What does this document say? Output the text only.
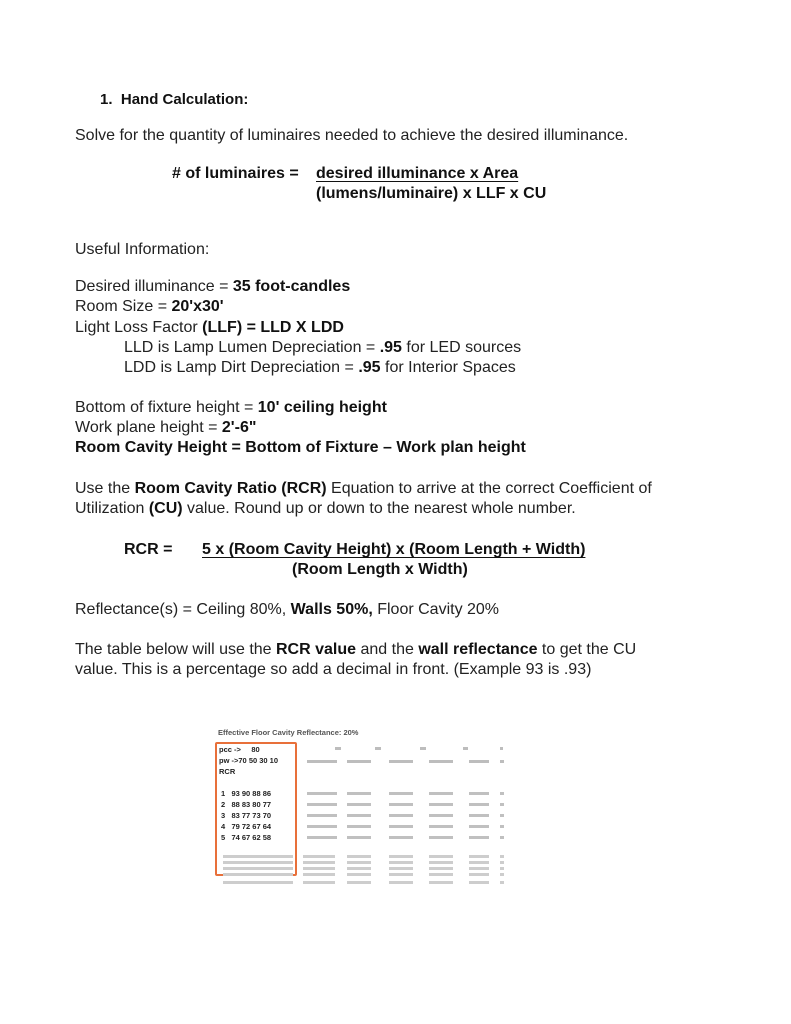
1. Hand Calculation:
Solve for the quantity of luminaires needed to achieve the desired illuminance.
# of luminaires = desired illuminance x Area
(lumens/luminaire) x LLF x CU
Useful Information:
Desired illuminance = 35 foot-candles
Room Size = 20'x30'
Light Loss Factor (LLF) = LLD X LDD
LLD is Lamp Lumen Depreciation = .95 for LED sources
LDD is Lamp Dirt Depreciation = .95 for Interior Spaces
Bottom of fixture height = 10' ceiling height
Work plane height = 2'-6"
Room Cavity Height = Bottom of Fixture – Work plan height
Use the Room Cavity Ratio (RCR) Equation to arrive at the correct Coefficient of
Utilization (CU) value. Round up or down to the nearest whole number.
RCR = 5 x (Room Cavity Height) x (Room Length + Width)
(Room Length x Width)
Reflectance(s) = Ceiling 80%, Walls 50%, Floor Cavity 20%
The table below will use the RCR value and the wall reflectance to get the CU
value. This is a percentage so add a decimal in front. (Example 93 is .93)
Effective Floor Cavity Reflectance: 20%
pcc -> 80
pw ->70 50 30 10
RCR
1 93 90 88 86
2 88 83 80 77
3 83 77 73 70
4 79 72 67 64
5 74 67 62 58
